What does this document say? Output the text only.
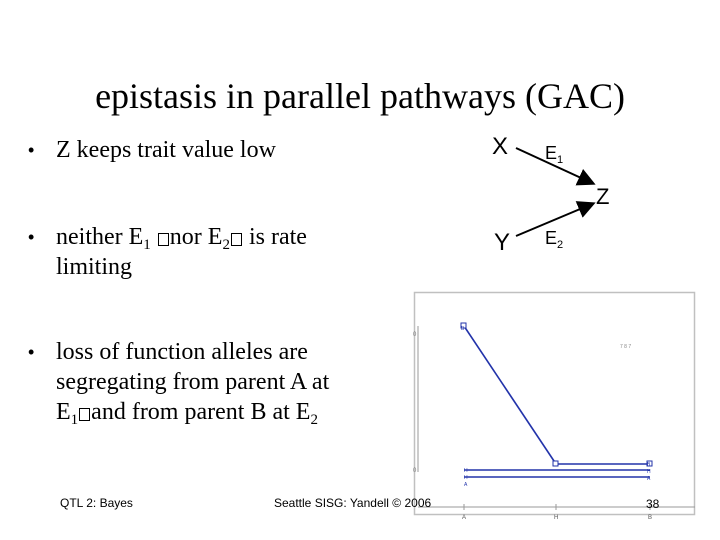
epistasis in parallel pathways (GAC)
• Z keeps trait value low
• neither $E_1$ nor $E_2$ is rate
limiting
• loss of function alleles are
segregating from parent A at
$E_1$ and from parent B at $E_2$
X $E_1$
Z
Y $E_2$
0
0
7 8 7
B
H
H
A
B
H
A
A	H	B
QTL 2: Bayes	Seattle SISG: Yandell © 2006	38
